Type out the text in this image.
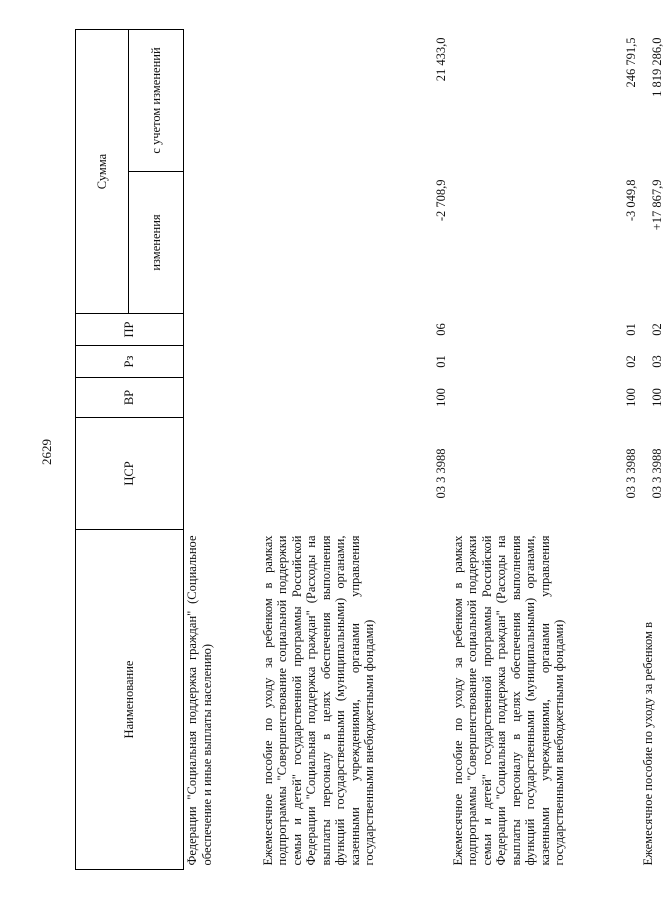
2629
Наименование	ЦСР	ВР	Рз	ПР	Сумма	
					изменения	с учетом изменений
Федерации "Социальная поддержка граждан" (Социальное обеспечение и иные выплаты населению)						
Ежемесячное пособие по уходу за ребенком в рамках подпрограммы "Совершенствование социальной поддержки семьи и детей" государственной программы Российской Федерации "Социальная поддержка граждан" (Расходы на выплаты персоналу в целях обеспечения выполнения функций государственными (муниципальными) органами, казенными учреждениями, органами управления государственными внебюджетными фондами)	03 3 3988	100	01	06	-2 708,9	21 433,0
Ежемесячное пособие по уходу за ребенком в рамках подпрограммы "Совершенствование социальной поддержки семьи и детей" государственной программы Российской Федерации "Социальная поддержка граждан" (Расходы на выплаты персоналу в целях обеспечения выполнения функций государственными (муниципальными) органами, казенными учреждениями, органами управления государственными внебюджетными фондами)	03 3 3988	100	02	01	-3 049,8	246 791,5
Ежемесячное пособие по уходу за ребенком в	03 3 3988	100	03	02	+17 867,9	1 819 286,0
